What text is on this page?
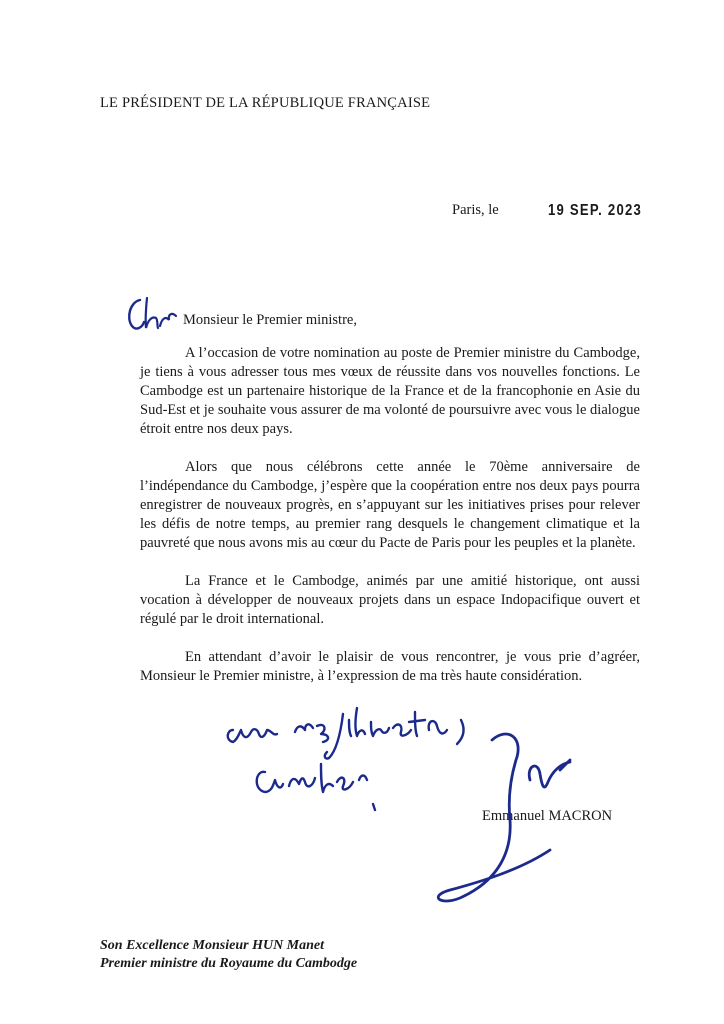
LE PRÉSIDENT DE LA RÉPUBLIQUE FRANÇAISE
Paris, le	19 SEP. 2023
Monsieur le Premier ministre,

A l’occasion de votre nomination au poste de Premier ministre du Cambodge, je tiens à vous adresser tous mes vœux de réussite dans vos nouvelles fonctions. Le Cambodge est un partenaire historique de la France et de la francophonie en Asie du Sud-Est et je souhaite vous assurer de ma volonté de poursuivre avec vous le dialogue étroit entre nos deux pays.

Alors que nous célébrons cette année le 70ème anniversaire de l’indépendance du Cambodge, j’espère que la coopération entre nos deux pays pourra enregistrer de nouveaux progrès, en s’appuyant sur les initiatives prises pour relever les défis de notre temps, au premier rang desquels le changement climatique et la pauvreté que nous avons mis au cœur du Pacte de Paris pour les peuples et la planète.

La France et le Cambodge, animés par une amitié historique, ont aussi vocation à développer de nouveaux projets dans un espace Indopacifique ouvert et régulé par le droit international.

En attendant d’avoir le plaisir de vous rencontrer, je vous prie d’agréer, Monsieur le Premier ministre, à l’expression de ma très haute considération.

Emmanuel MACRON
Son Excellence Monsieur HUN Manet
Premier ministre du Royaume du Cambodge
